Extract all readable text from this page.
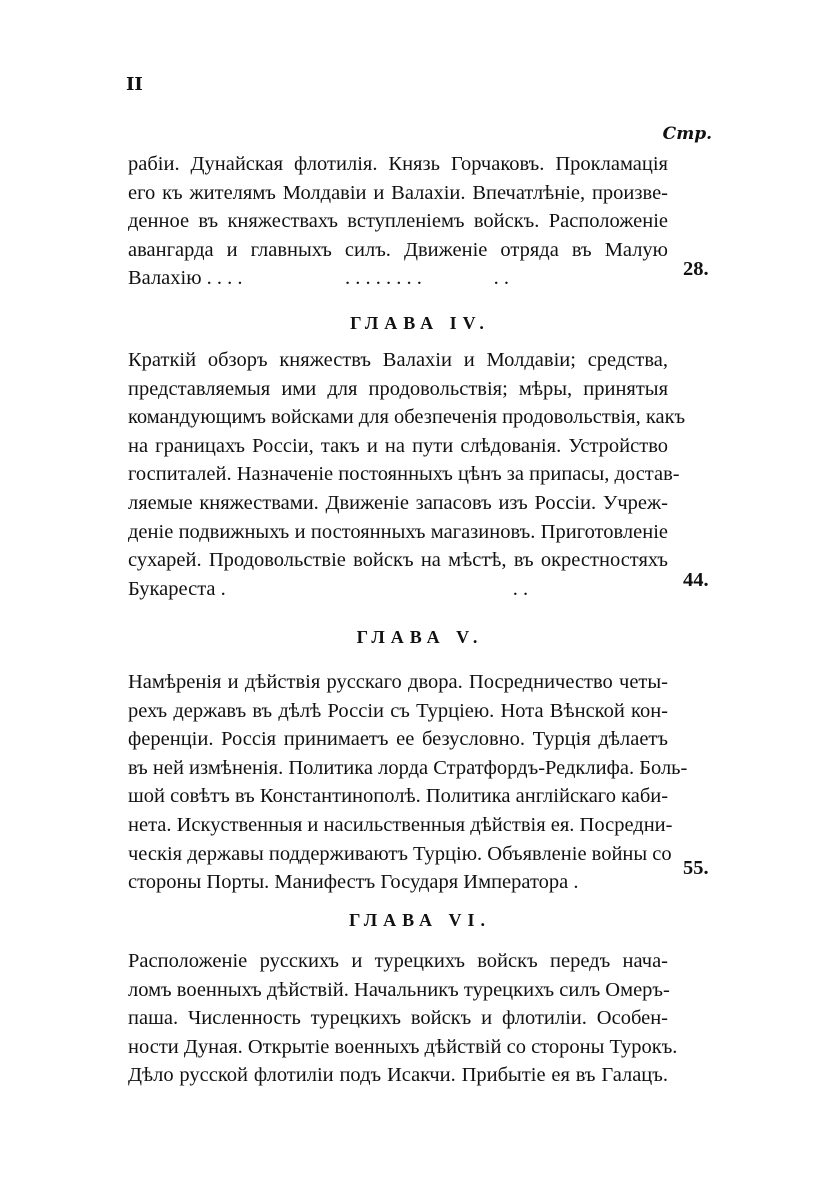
II
Стр.
рабіи. Дунайская флотилія. Князь Горчаковъ. Прокламація
его къ жителямъ Молдавіи и Валахіи. Впечатлѣніе, произве-
денное въ княжествахъ вступленіемъ войскъ. Расположеніе
авангарда и главныхъ силъ. Движеніе отряда въ Малую
Валахію . . . .                    . . . . . . . .              . .	28.
ГЛАВА IV.
Краткій обзоръ княжествъ Валахіи и Молдавіи; средства,
представляемыя ими для продовольствія; мѣры, принятыя
командующимъ войсками для обезпеченія продовольствія, какъ
на границахъ Россіи, такъ и на пути слѣдованія. Устройство
госпиталей. Назначеніе постоянныхъ цѣнъ за припасы, достав-
ляемые княжествами. Движеніе запасовъ изъ Россіи. Учреж-
деніе подвижныхъ и постоянныхъ магазиновъ. Приготовленіе
сухарей. Продовольствіе войскъ на мѣстѣ, въ окрестностяхъ
Букареста .                                                        . .	44.
ГЛАВА V.
Намѣренія и дѣйствія русскаго двора. Посредничество четы-
рехъ державъ въ дѣлѣ Россіи съ Турціею. Нота Вѣнской кон-
ференціи. Россія принимаетъ ее безусловно. Турція дѣлаетъ
въ ней измѣненія. Политика лорда Стратфордъ-Редклифа. Боль-
шой совѣтъ въ Константинополѣ. Политика англійскаго каби-
нета. Искуственныя и насильственныя дѣйствія ея. Посредни-
ческія державы поддерживаютъ Турцію. Объявленіе войны со
стороны Порты. Манифестъ Государя Императора .
55.
ГЛАВА VI.
Расположеніе русскихъ и турецкихъ войскъ передъ нача-
ломъ военныхъ дѣйствій. Начальникъ турецкихъ силъ Омеръ-
паша. Численность турецкихъ войскъ и флотиліи. Особен-
ности Дуная. Открытіе военныхъ дѣйствій со стороны Турокъ.
Дѣло русской флотиліи подъ Исакчи. Прибытіе ея въ Галацъ.
